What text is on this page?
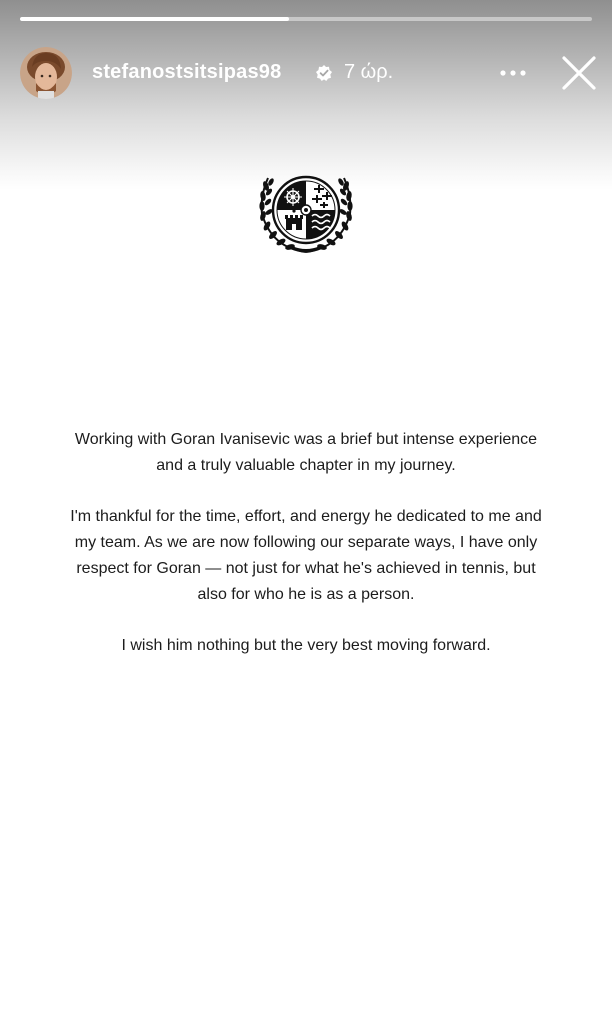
stefanostsitsipas98	7 ώρ.

Working with Goran Ivanisevic was a brief but intense experience and a truly valuable chapter in my journey.

I'm thankful for the time, effort, and energy he dedicated to me and my team. As we are now following our separate ways, I have only respect for Goran — not just for what he's achieved in tennis, but also for who he is as a person.

I wish him nothing but the very best moving forward.
